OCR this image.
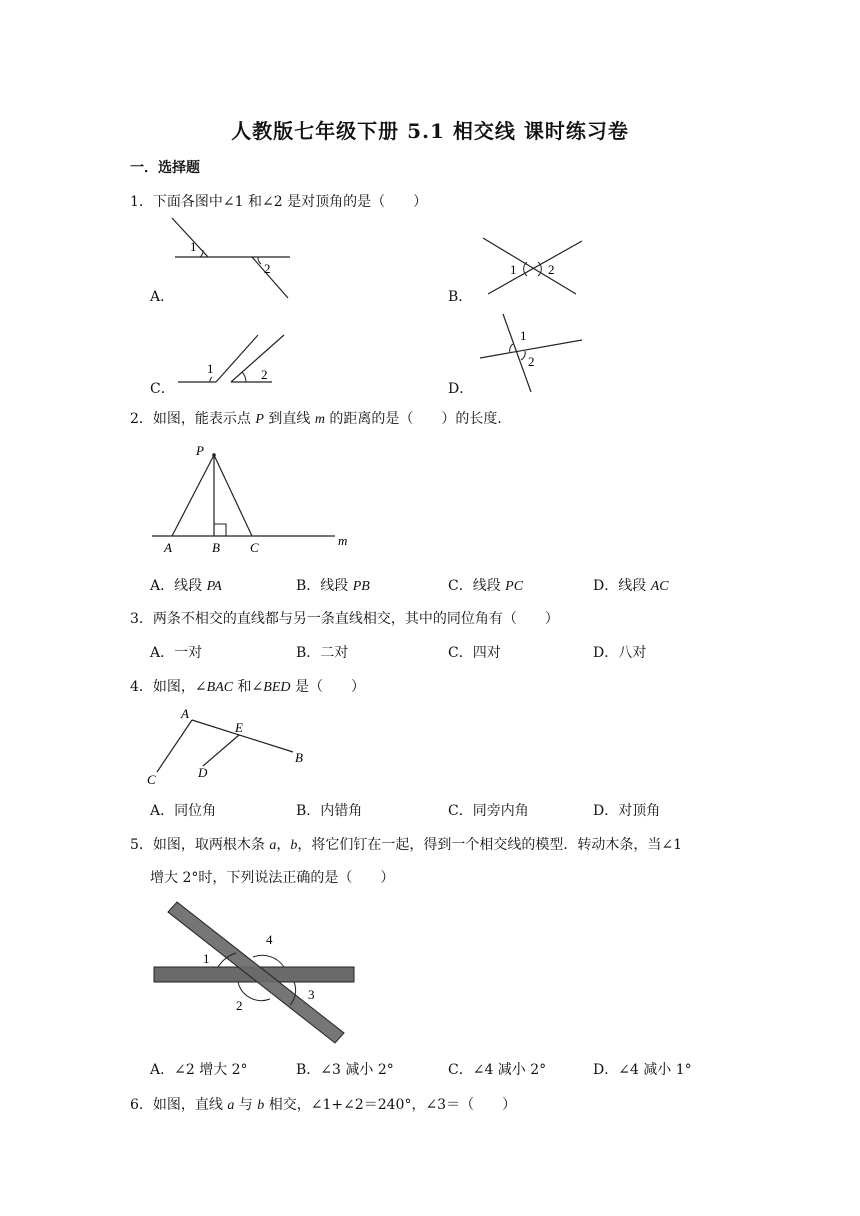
人教版七年级下册 5.1 相交线 课时练习卷
一．选择题
1．下面各图中∠1 和∠2 是对顶角的是（　　）
1
2
A．
1 2
B．
1	2
C．
1
2
D．
2．如图，能表示点 P 到直线 m 的距离的是（　　）的长度．
P
A	B C	m
A．线段 PA	B．线段 PB	C．线段 PC	D．线段 AC
3．两条不相交的直线都与另一条直线相交，其中的同位角有（　　）
A．一对	B．二对	C．四对	D．八对
4．如图，∠BAC 和∠BED 是（　　）
A
E
B
C	D
A．同位角	B．内错角	C．同旁内角	D．对顶角
5．如图，取两根木条 a，b，将它们钉在一起，得到一个相交线的模型．转动木条，当∠1
增大 2°时，下列说法正确的是（　　）
1
2
3
4
A．∠2 增大 2°	B．∠3 减小 2°	C．∠4 减小 2°	D．∠4 减小 1°
6．如图，直线 a 与 b 相交，∠1+∠2＝240°，∠3＝（　　）
